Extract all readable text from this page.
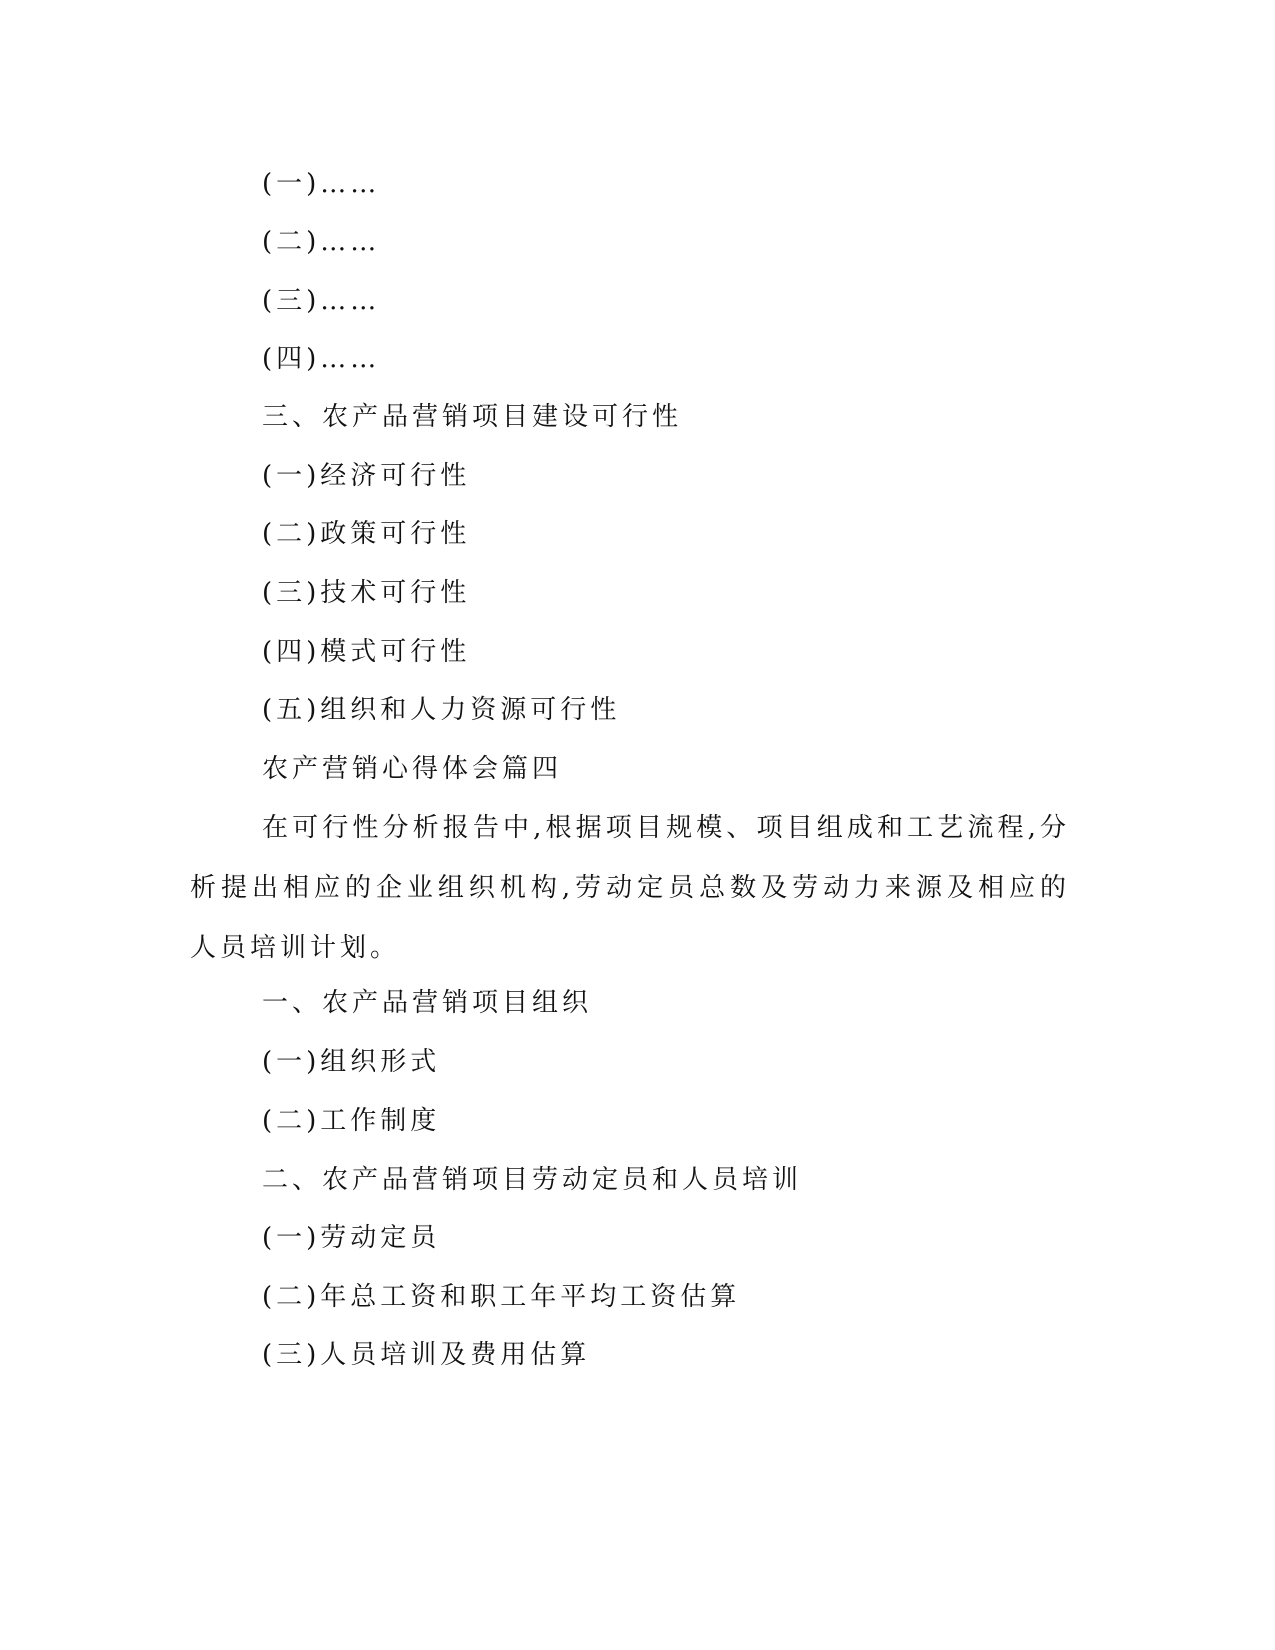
(一)……
(二)……
(三)……
(四)……
三、农产品营销项目建设可行性
(一)经济可行性
(二)政策可行性
(三)技术可行性
(四)模式可行性
(五)组织和人力资源可行性
农产营销心得体会篇四
在可行性分析报告中,根据项目规模、项目组成和工艺流程,分析提出相应的企业组织机构,劳动定员总数及劳动力来源及相应的人员培训计划。
一、农产品营销项目组织
(一)组织形式
(二)工作制度
二、农产品营销项目劳动定员和人员培训
(一)劳动定员
(二)年总工资和职工年平均工资估算
(三)人员培训及费用估算
